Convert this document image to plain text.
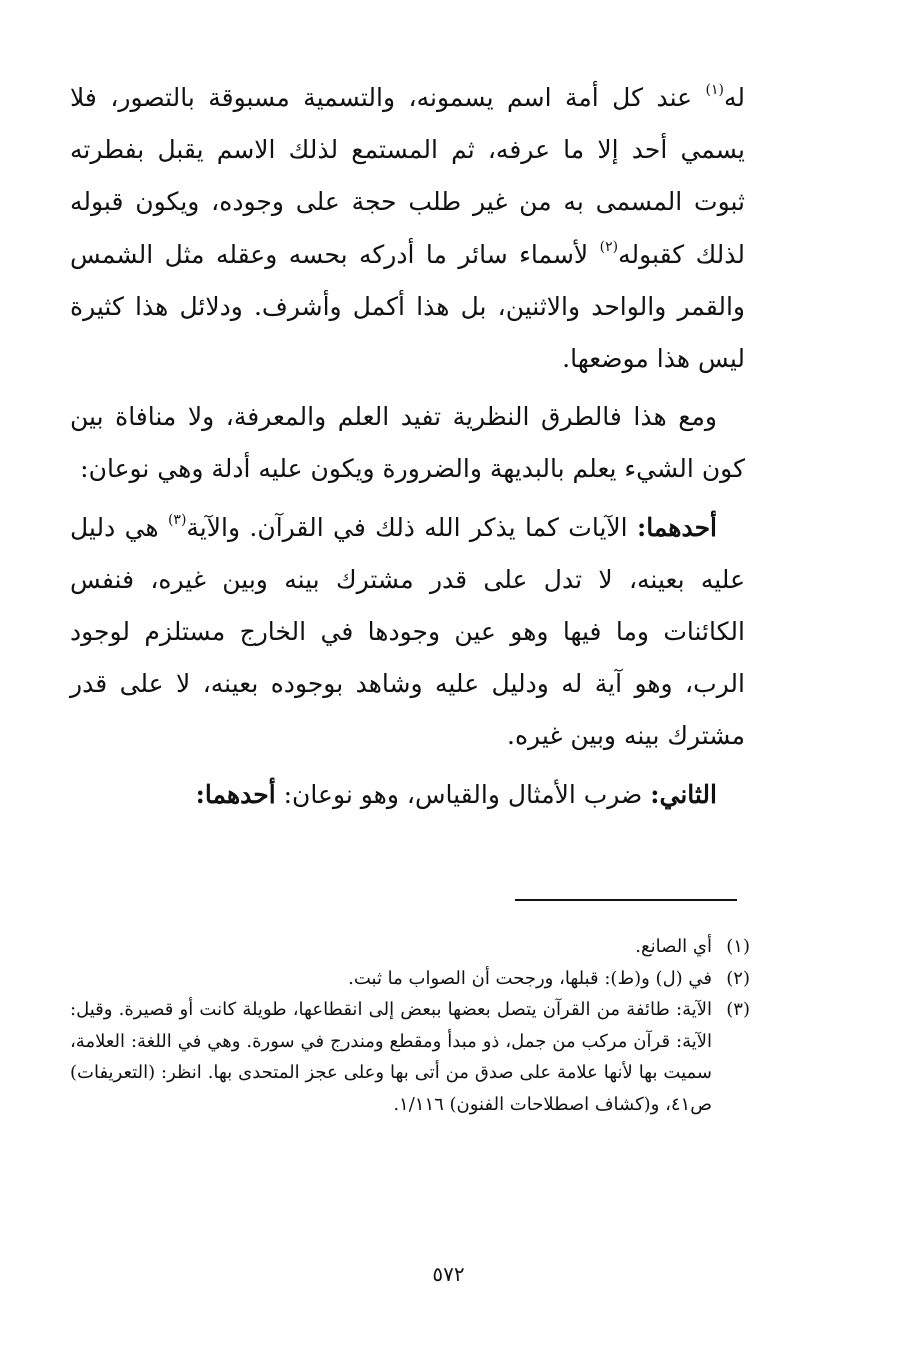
له$^{(١)}$ عند كل أمة اسم يسمونه، والتسمية مسبوقة بالتصور، فلا يسمي أحد إلا ما عرفه، ثم المستمع لذلك الاسم يقبل بفطرته ثبوت المسمى به من غير طلب حجة على وجوده، ويكون قبوله لذلك كقبوله$^{(٢)}$ لأسماء سائر ما أدركه بحسه وعقله مثل الشمس والقمر والواحد والاثنين، بل هذا أكمل وأشرف. ودلائل هذا كثيرة ليس هذا موضعها.

ومع هذا فالطرق النظرية تفيد العلم والمعرفة، ولا منافاة بين كون الشيء يعلم بالبديهة والضرورة ويكون عليه أدلة وهي نوعان:

أحدهما: الآيات كما يذكر الله ذلك في القرآن. والآية$^{(٣)}$ هي دليل عليه بعينه، لا تدل على قدر مشترك بينه وبين غيره، فنفس الكائنات وما فيها وهو عين وجودها في الخارج مستلزم لوجود الرب، وهو آية له ودليل عليه وشاهد بوجوده بعينه، لا على قدر مشترك بينه وبين غيره.

الثاني: ضرب الأمثال والقياس، وهو نوعان: أحدهما:

(١)
أي الصانع.
(٢)
في (ل) و(ط): قبلها، ورجحت أن الصواب ما ثبت.
(٣)
الآية: طائفة من القرآن يتصل بعضها ببعض إلى انقطاعها، طويلة كانت أو قصيرة. وقيل: الآية: قرآن مركب من جمل، ذو مبدأ ومقطع ومندرج في سورة. وهي في اللغة: العلامة، سميت بها لأنها علامة على صدق من أتى بها وعلى عجز المتحدى بها. انظر: (التعريفات) ص٤١، و(كشاف اصطلاحات الفنون) ١/١١٦.
٥٧٢
